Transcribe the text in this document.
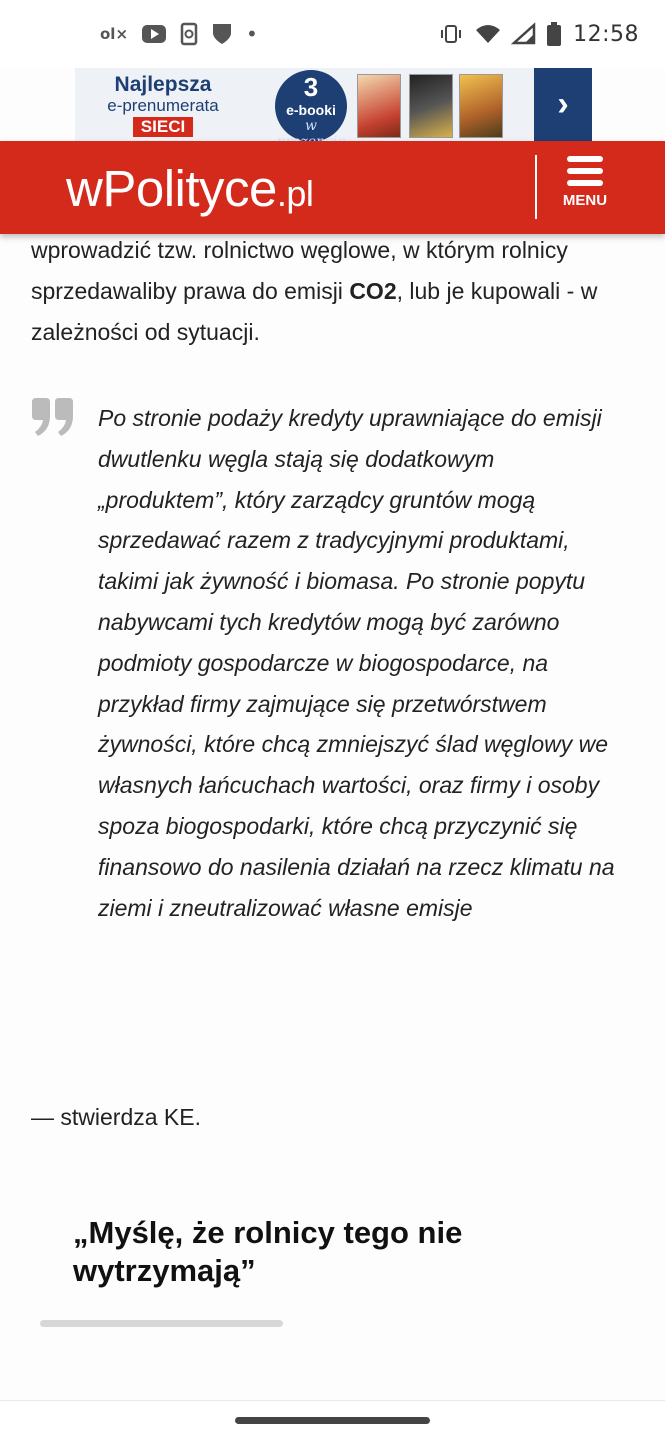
ol×	•	12:58
Najlepsza
e-prenumerata
SIECI
3
e-booki
w
›
wPolityce.pl	MENU
wprowadzić tzw. rolnictwo węglowe, w którym rolnicy sprzedawaliby prawa do emisji CO2, lub je kupowali - w zależności od sytuacji.
Po stronie podaży kredyty uprawniające do emisji dwutlenku węgla stają się dodatkowym „produktem”, który zarządcy gruntów mogą sprzedawać razem z tradycyjnymi produktami, takimi jak żywność i biomasa. Po stronie popytu nabywcami tych kredytów mogą być zarówno podmioty gospodarcze w biogospodarce, na przykład firmy zajmujące się przetwórstwem żywności, które chcą zmniejszyć ślad węglowy we własnych łańcuchach wartości, oraz firmy i osoby spoza biogospodarki, które chcą przyczynić się finansowo do nasilenia działań na rzecz klimatu na ziemi i zneutralizować własne emisje
— stwierdza KE.
„Myślę, że rolnicy tego nie wytrzymają”
